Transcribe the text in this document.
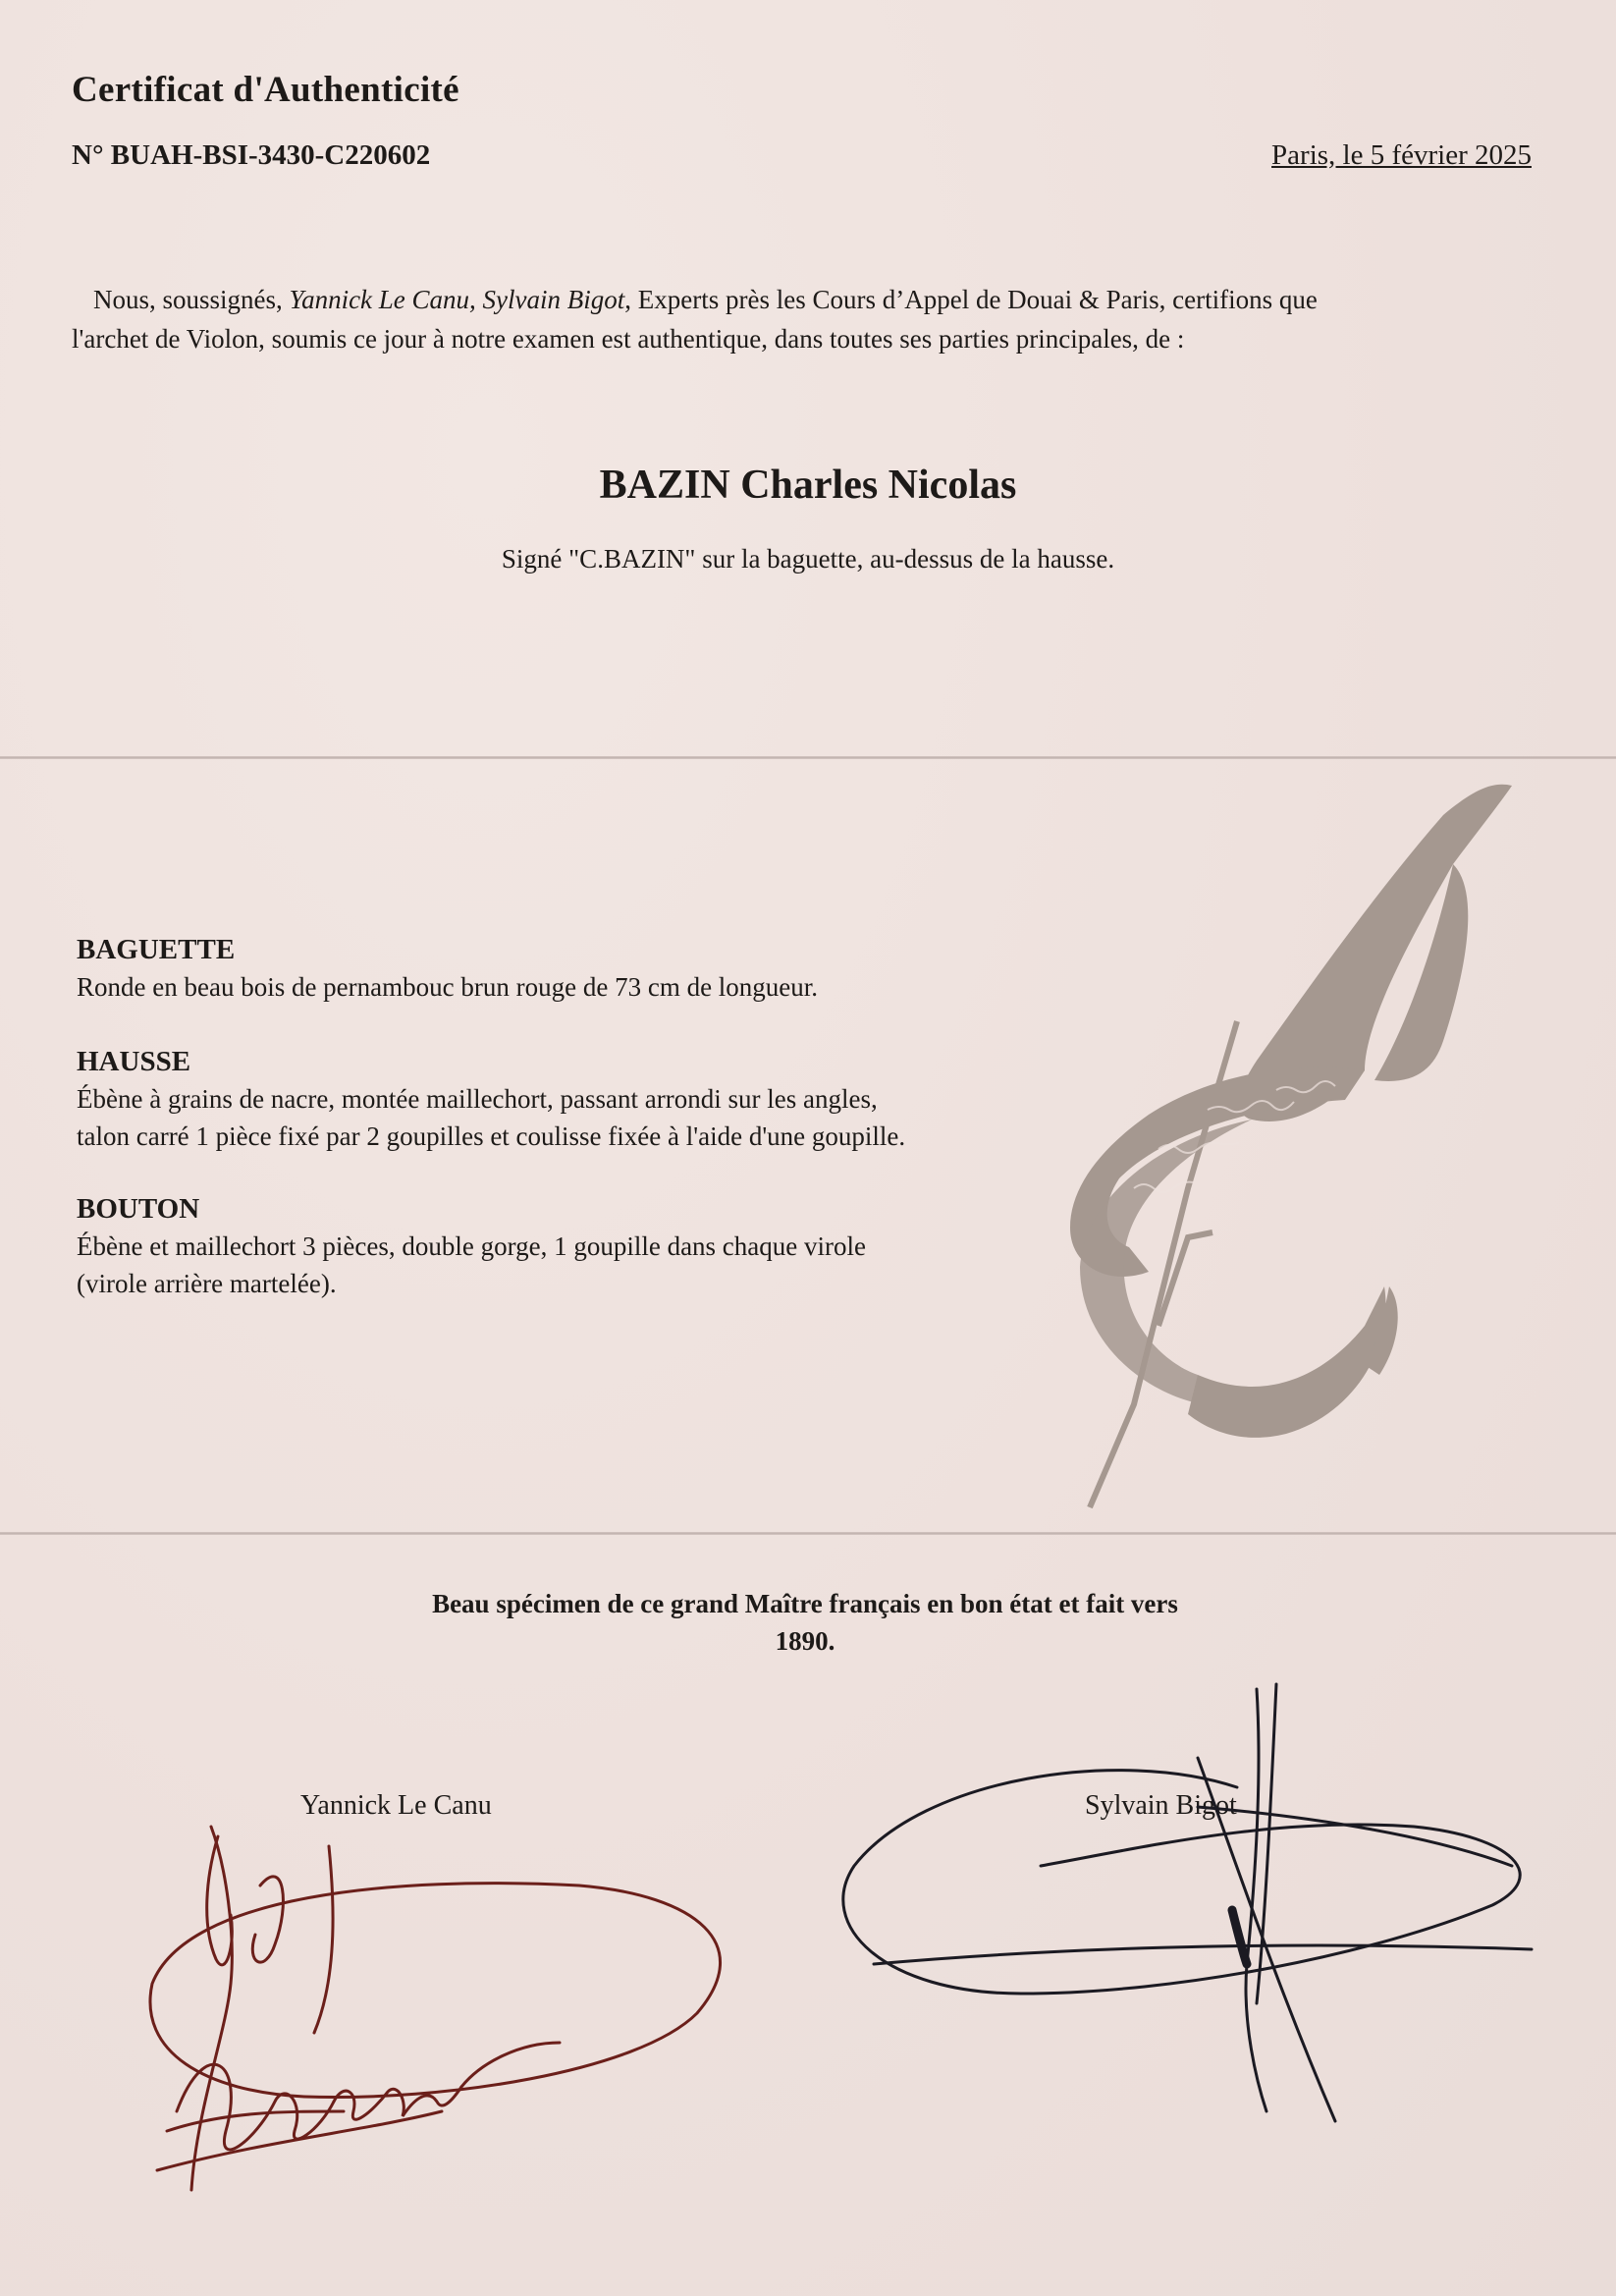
Certificat d'Authenticité
N° BUAH-BSI-3430-C220602	Paris, le 5 février 2025
Nous, soussignés, Yannick Le Canu, Sylvain Bigot, Experts près les Cours d’Appel de Douai & Paris, certifions que
l'archet de Violon, soumis ce jour à notre examen est authentique, dans toutes ses parties principales, de :
BAZIN Charles Nicolas
Signé "C.BAZIN" sur la baguette, au-dessus de la hausse.
BAGUETTE
Ronde en beau bois de pernambouc brun rouge de 73 cm de longueur.
HAUSSE
Ébène à grains de nacre, montée maillechort, passant arrondi sur les angles,
talon carré 1 pièce fixé par 2 goupilles et coulisse fixée à l'aide d'une goupille.
BOUTON
Ébène et maillechort 3 pièces, double gorge, 1 goupille dans chaque virole
(virole arrière martelée).
Beau spécimen de ce grand Maître français en bon état et fait vers
1890.
Yannick Le Canu	Sylvain Bigot
